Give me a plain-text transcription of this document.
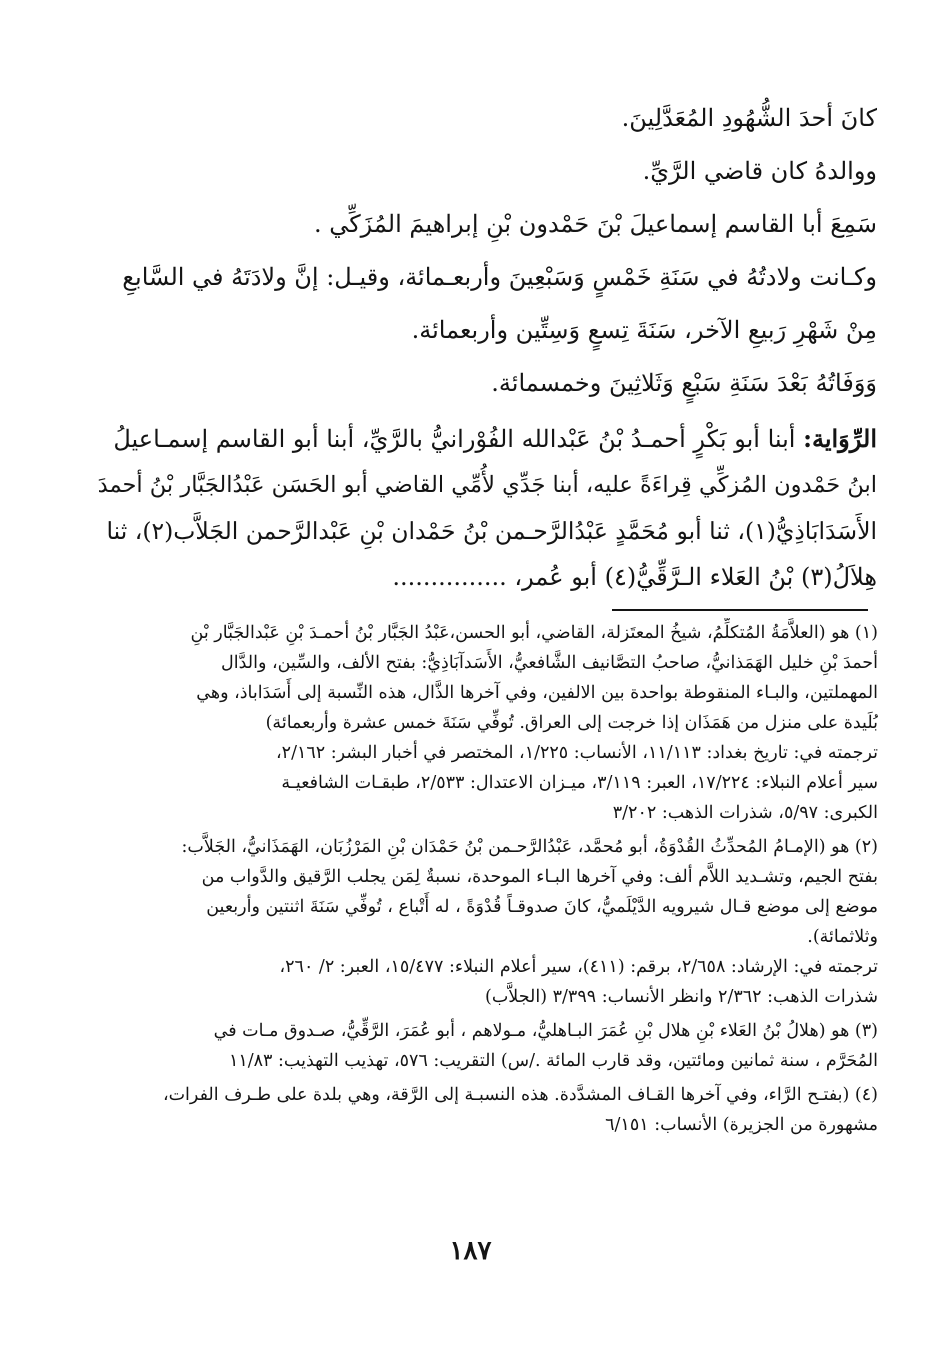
كانَ أحدَ الشُّهُودِ المُعَدَّلِينَ.

ووالدهُ كان قاضي الرَّيِّ.

سَمِعَ أبا القاسم إسماعيلَ بْنَ حَمْدون بْنِ إبراهيمَ المُزَكِّي .

وكـانت ولادتُهُ في سَنَةِ خَمْسٍ وَسَبْعِينَ وأربعـمائة، وقيـل: إنَّ ولادَتَهُ في السَّابعِ

مِنْ شَهْرِ رَبيعِ الآخر، سَنَةَ تِسعٍ وَسِتِّين وأربعمائة.

وَوَفَاتُهُ بَعْدَ سَنَةِ سَبْعٍ وَثَلاثِينَ وخمسمائة.

الرِّوَاية: أبنا أبو بَكْرٍ أحمـدُ بْنُ عَبْدالله الفُوْرانيُّ بالرَّيِّ، أبنا أبو القاسم إسمـاعيلُ

ابنُ حَمْدون المُزكِّي قِراءَةً عليه، أبنا جَدِّي لأُمِّي القاضي أبو الحَسَن عَبْدُالجَبَّار بْنُ أحمدَ

الأَسَدَابَاذِيُّ(١)، ثنا أبو مُحَمَّدٍ عَبْدُالرَّحـمن بْنُ حَمْدان بْنِ عَبْدالرَّحمن الجَلاَّب(٢)، ثنا

هِلاَلُ(٣) بْنُ العَلاء الـرَّقِّيُّ(٤) أبو عُمر، ...............

(١) هو (العلاَّمَةُ المُتكلِّمُ، شيخُ المعتَزلة، القاضي، أبو الحسن،عَبْدُ الجَبَّار بْنُ أحمـدَ بْنِ عَبْدالجَبَّار بْنِ

أحمدَ بْنِ خليل الهَمَذانيُّ، صاحبُ التصَّانيف الشَّافعيُّ، الأَسَدآبَاذِيُّ: بفتح الألف، والسِّين، والدَّال

المهملتين، والبـاء المنقوطة بواحدة بين الالفين، وفي آخرها الذَّال، هذه النِّسبة إلى أَسَدَاباذ، وهي

بُلَيدة على منزل من هَمَذَان إذا خرجت إلى العراق. تُوفِّي سَنَةَ خمس عشرة وأربعمائة)

ترجمته في: تاريخ بغداد: ١١/١١٣، الأنساب: ١/٢٢٥، المختصر في أخبار البشر: ٢/١٦٢،

سير أعلام النبلاء: ١٧/٢٢٤، العبر: ٣/١١٩، ميـزان الاعتدال: ٢/٥٣٣، طبقـات الشافعيـة

الكبرى: ٥/٩٧، شذرات الذهب: ٣/٢٠٢

(٢) هو (الإمـامُ المُحدِّثُ القُدْوَةُ، أبو مُحمَّد، عَبْدُالرَّحـمن بْنُ حَمْدَان بْنِ المَرْزُبَان، الهَمَذَانيُّ، الجَلاَّب:

بفتح الجيم، وتشـديد اللاَّم ألف: وفي آخرها البـاء الموحدة، نسبةٌ لِمَن يجلب الرَّقيق والدَّواب من

موضع إلى موضع قـال شيرويه الدَّيْلَميُّ، كانَ صدوقـاً قُدْوَةً ، له أَتْباع ، تُوفِّي سَنَةَ اثنتين وأربعين

وثلاثمائة).

ترجمته في: الإرشاد: ٢/٦٥٨، برقم: (٤١١)، سير أعلام النبلاء: ١٥/٤٧٧، العبر: ٢/ ٢٦٠،

شذرات الذهب: ٢/٣٦٢ وانظر الأنساب: ٣/٣٩٩ (الجلاَّب)

(٣) هو (هلالُ بْنُ العَلاء بْنِ هلال بْنِ عُمَرَ البـاهليُّ، مـولاهم ، أبو عُمَرَ، الرَّقِّيُّ، صـدوق مـات في

المُحَرَّم ، سنة ثمانين ومائتين، وقد قارب المائة ./س) التقريب: ٥٧٦، تهذيب التهذيب: ١١/٨٣

(٤) (بفتـح الرَّاء، وفي آخرها القـاف المشدَّدة. هذه النسبـة إلى الرَّقة، وهي بلدة على طـرف الفرات،

مشهورة من الجزيرة) الأنساب: ٦/١٥١

١٨٧
